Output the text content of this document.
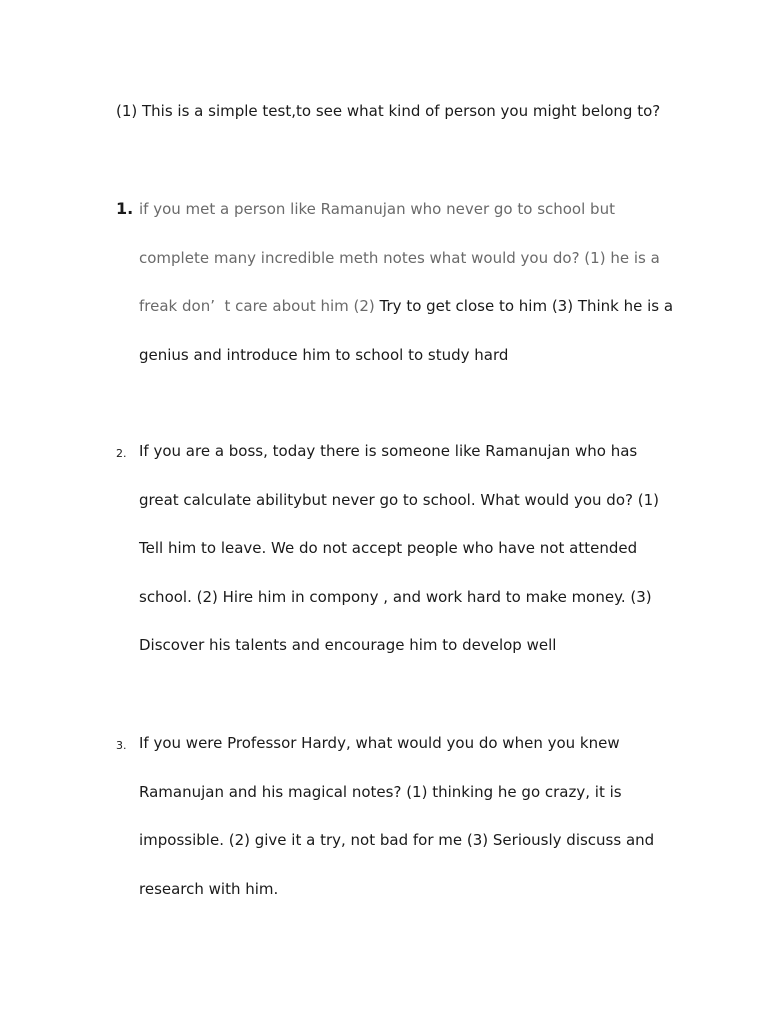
(1) This is a simple test,to see what kind of person you might belong to?
1. if you met a person like Ramanujan who never go to school but
complete many incredible meth notes what would you do? (1) he is a
freak don’  t care about him (2) Try to get close to him (3) Think he is a
genius and introduce him to school to study hard
2. If you are a boss, today there is someone like Ramanujan who has
great calculate abilitybut never go to school. What would you do? (1)
Tell him to leave. We do not accept people who have not attended
school. (2) Hire him in compony , and work hard to make money. (3)
Discover his talents and encourage him to develop well
3. If you were Professor Hardy, what would you do when you knew
Ramanujan and his magical notes? (1) thinking he go crazy, it is
impossible. (2) give it a try, not bad for me (3) Seriously discuss and
research with him.
